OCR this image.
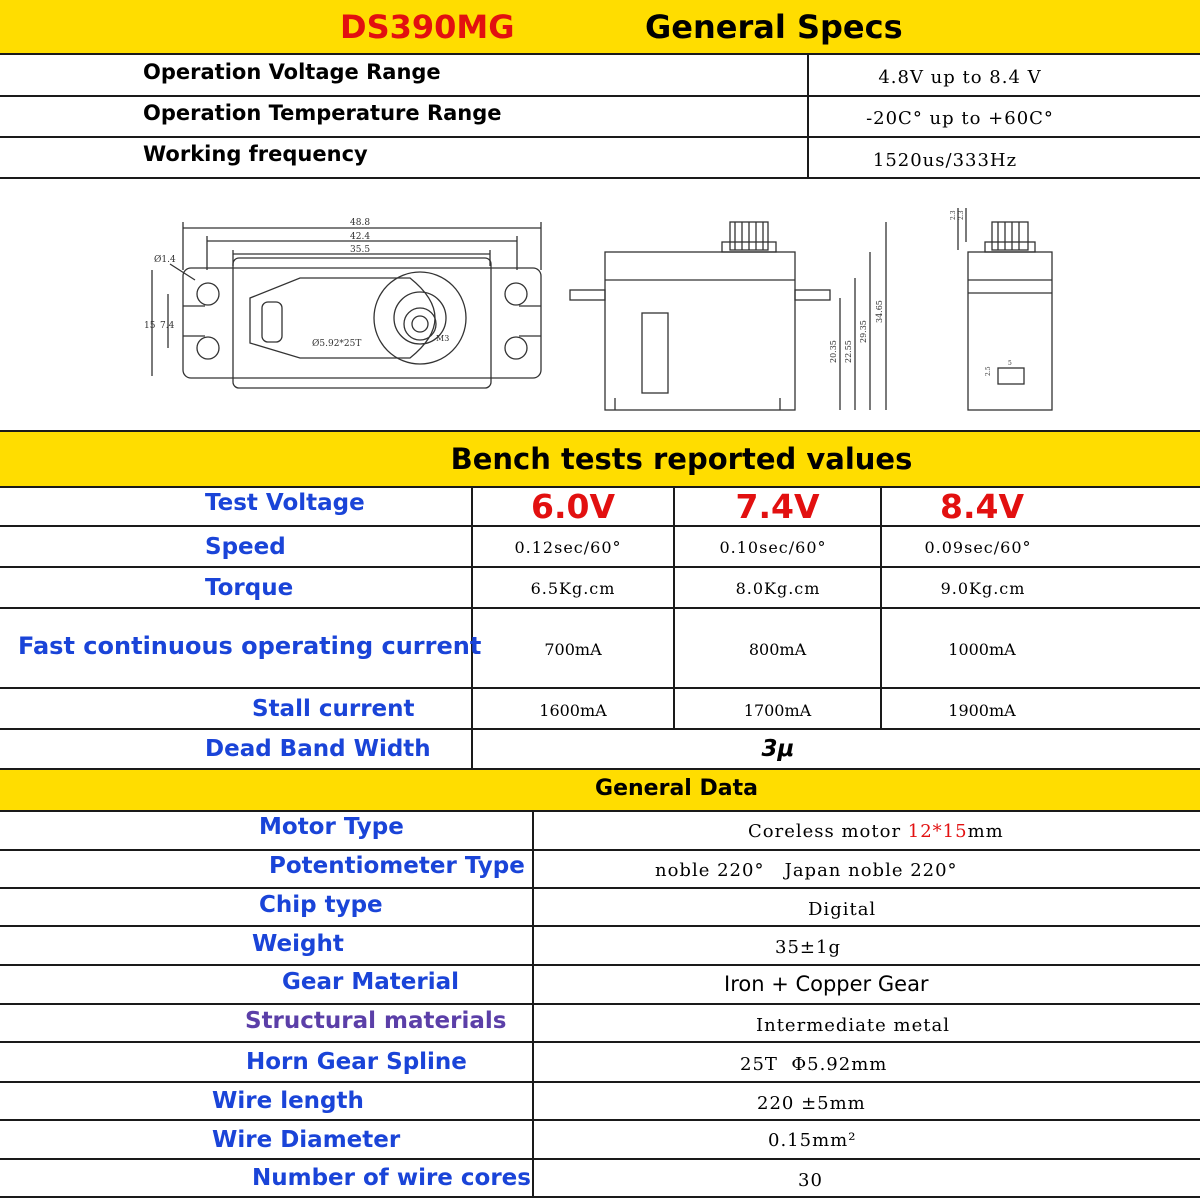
DS390MG	General Specs
Operation Voltage Range	4.8V up to 8.4 V
Operation Temperature Range	-20C° up to +60C°
Working frequency	1520us/333Hz
48.8
42.4
35.5
Ø1.4
Ø5.92*25T
M3
15 7.4
20.35 22.55
29.35
34.65
2.3 2.3
2.5
5
Bench tests reported values
Test Voltage	6.0V	7.4V	8.4V
Speed	0.12sec/60°	0.10sec/60°	0.09sec/60°
Torque	6.5Kg.cm	8.0Kg.cm	9.0Kg.cm
Fast continuous operating current	700mA	800mA	1000mA
Stall current	1600mA	1700mA	1900mA
Dead Band Width	3μ
General Data
Motor Type	Coreless motor 12*15mm
Potentiometer Type	noble 220°   Japan noble 220°
Chip type	Digital
Weight	35±1g
Gear Material	Iron + Copper Gear
Structural materials	Intermediate metal
Horn Gear Spline	25T  Φ5.92mm
Wire length	220 ±5mm
Wire Diameter	0.15mm²
Number of wire cores	30
